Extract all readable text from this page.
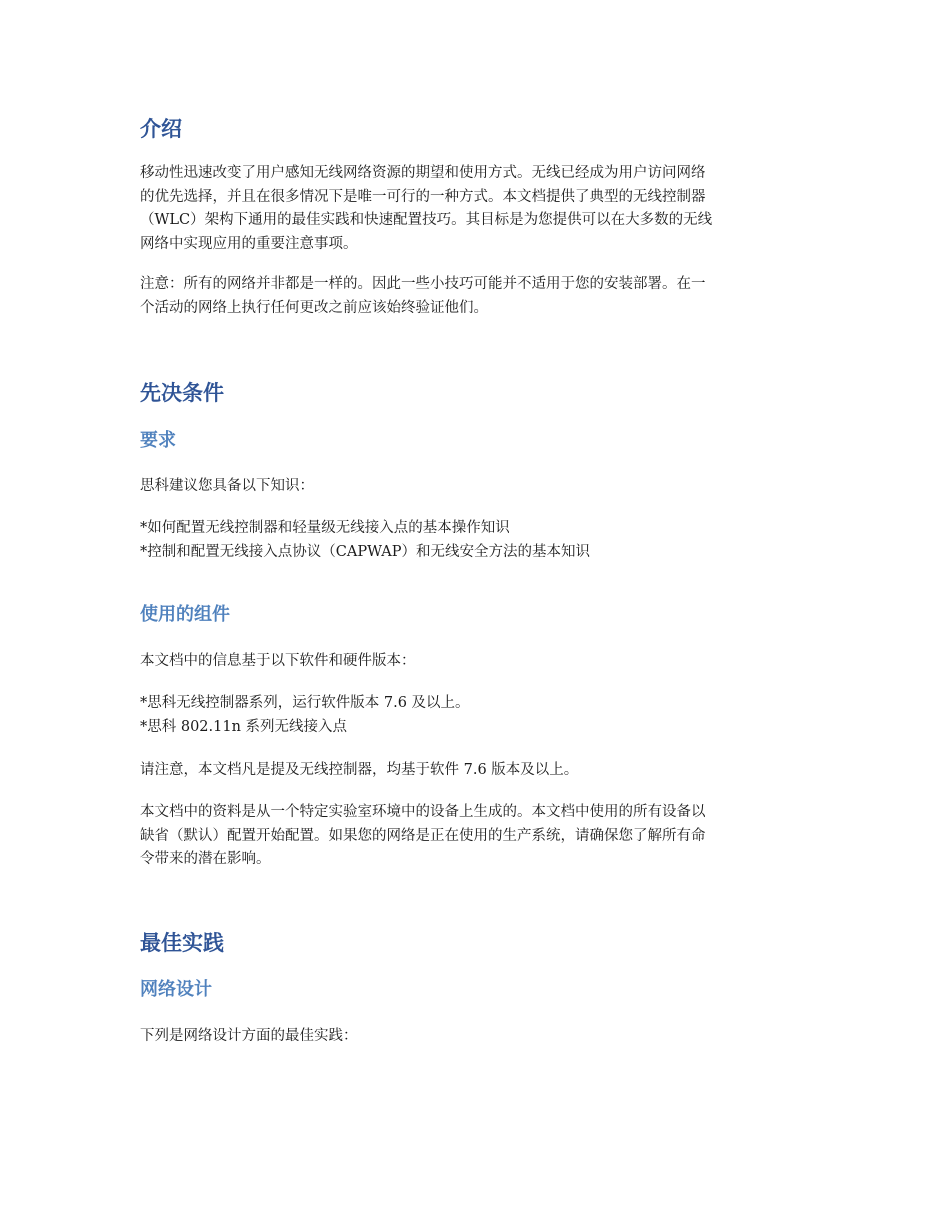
介绍
移动性迅速改变了用户感知无线网络资源的期望和使用方式。无线已经成为用户访问网络
的优先选择，并且在很多情况下是唯一可行的一种方式。本文档提供了典型的无线控制器
（WLC）架构下通用的最佳实践和快速配置技巧。其目标是为您提供可以在大多数的无线
网络中实现应用的重要注意事项。
注意：所有的网络并非都是一样的。因此一些小技巧可能并不适用于您的安装部署。在一
个活动的网络上执行任何更改之前应该始终验证他们。
先决条件
要求
思科建议您具备以下知识：
*如何配置无线控制器和轻量级无线接入点的基本操作知识
*控制和配置无线接入点协议（CAPWAP）和无线安全方法的基本知识
使用的组件
本文档中的信息基于以下软件和硬件版本：
*思科无线控制器系列，运行软件版本 7.6 及以上。
*思科 802.11n 系列无线接入点
请注意，本文档凡是提及无线控制器，均基于软件 7.6 版本及以上。
本文档中的资料是从一个特定实验室环境中的设备上生成的。本文档中使用的所有设备以
缺省（默认）配置开始配置。如果您的网络是正在使用的生产系统，请确保您了解所有命
令带来的潜在影响。
最佳实践
网络设计
下列是网络设计方面的最佳实践：
